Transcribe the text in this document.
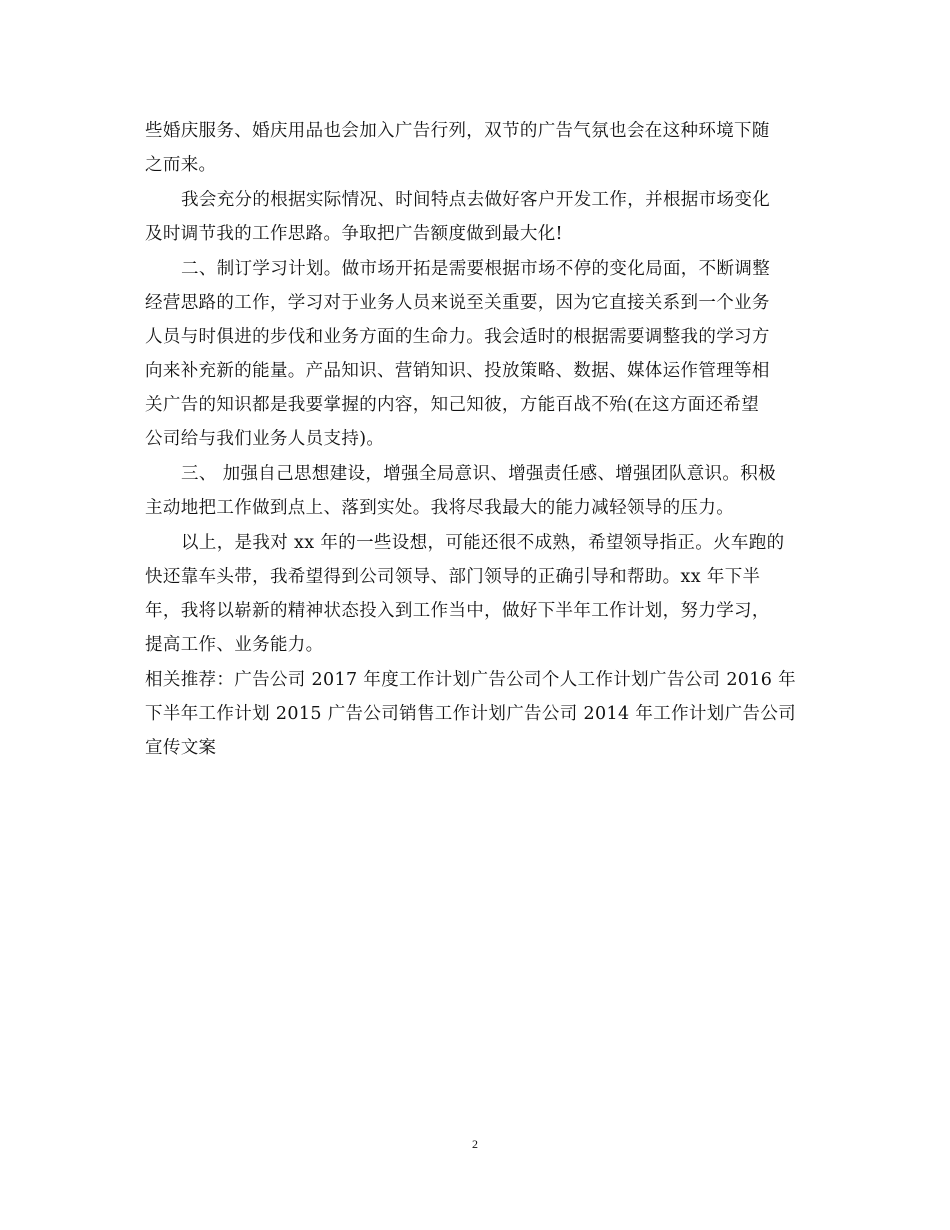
些婚庆服务、婚庆用品也会加入广告行列，双节的广告气氛也会在这种环境下随
之而来。
我会充分的根据实际情况、时间特点去做好客户开发工作，并根据市场变化
及时调节我的工作思路。争取把广告额度做到最大化!
二、制订学习计划。做市场开拓是需要根据市场不停的变化局面，不断调整
经营思路的工作，学习对于业务人员来说至关重要，因为它直接关系到一个业务
人员与时俱进的步伐和业务方面的生命力。我会适时的根据需要调整我的学习方
向来补充新的能量。产品知识、营销知识、投放策略、数据、媒体运作管理等相
关广告的知识都是我要掌握的内容，知己知彼，方能百战不殆(在这方面还希望
公司给与我们业务人员支持)。
三、 加强自己思想建设，增强全局意识、增强责任感、增强团队意识。积极
主动地把工作做到点上、落到实处。我将尽我最大的能力减轻领导的压力。
以上，是我对 xx 年的一些设想，可能还很不成熟，希望领导指正。火车跑的
快还靠车头带，我希望得到公司领导、部门领导的正确引导和帮助。xx 年下半
年，我将以崭新的精神状态投入到工作当中，做好下半年工作计划，努力学习，
提高工作、业务能力。
相关推荐：广告公司 2017 年度工作计划广告公司个人工作计划广告公司 2016 年
下半年工作计划 2015 广告公司销售工作计划广告公司 2014 年工作计划广告公司
宣传文案
2
